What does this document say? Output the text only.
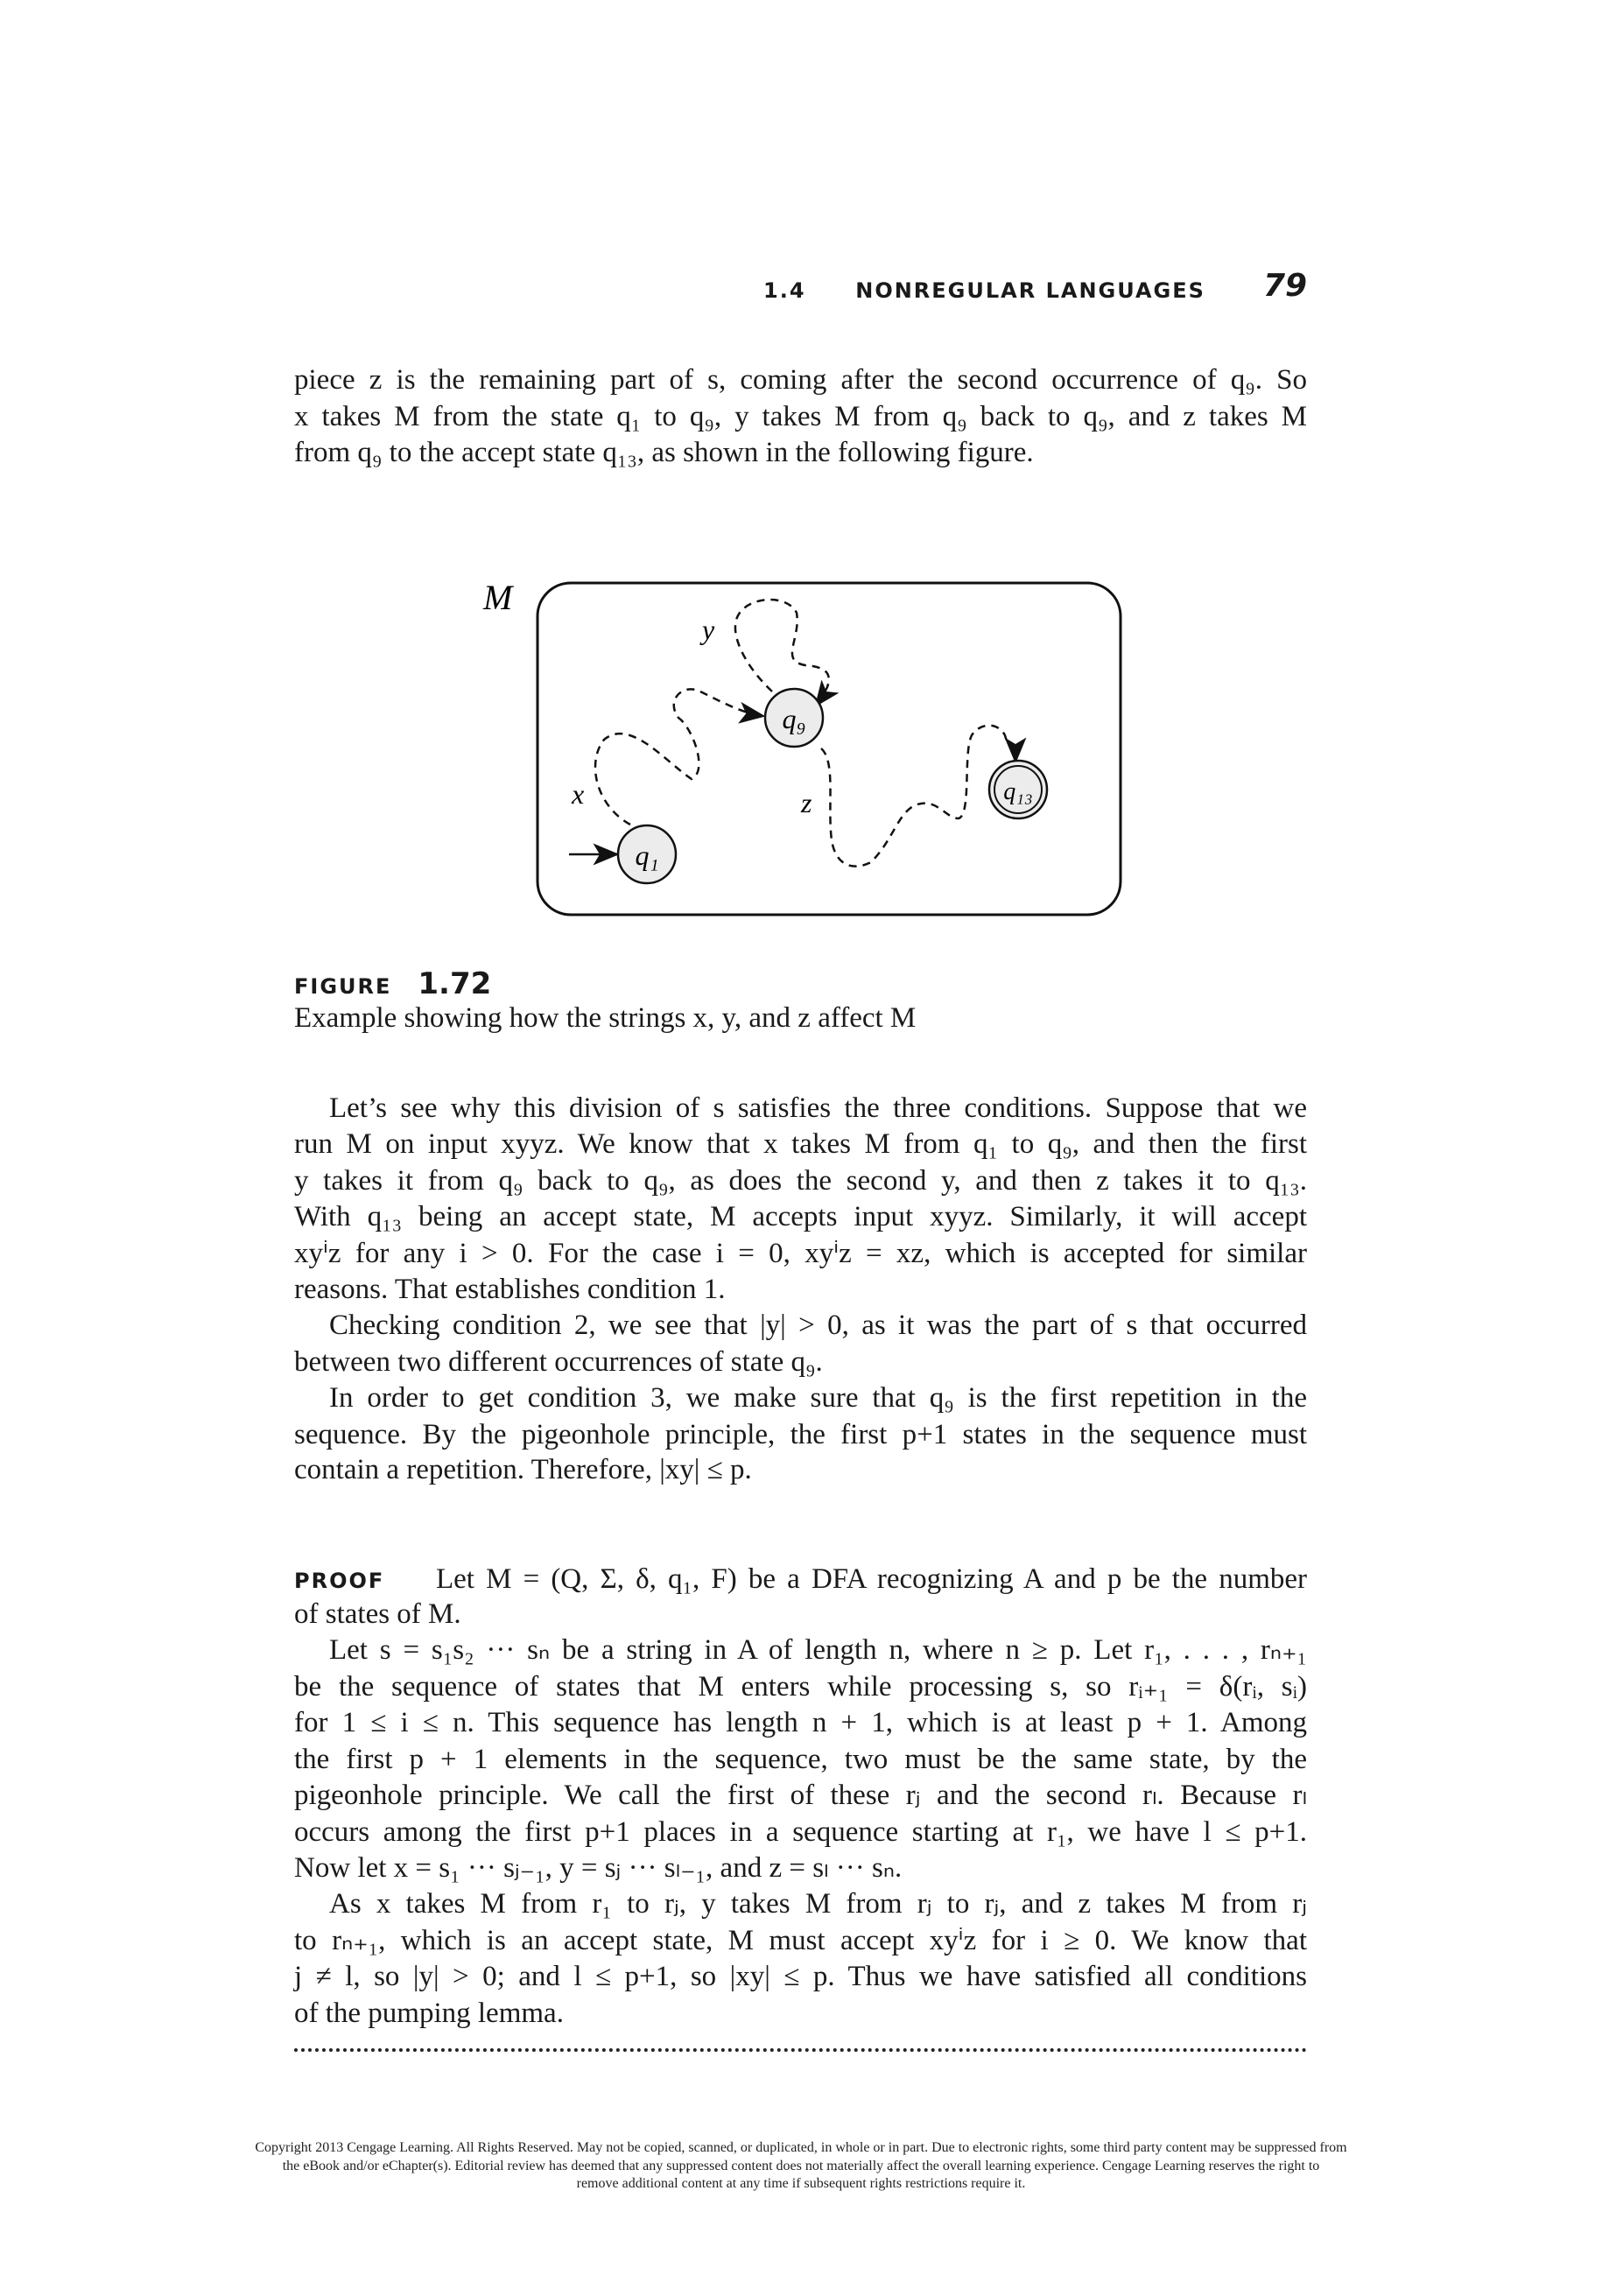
1.4 NONREGULAR LANGUAGES 79
piece z is the remaining part of s, coming after the second occurrence of q₉. So
x takes M from the state q₁ to q₉, y takes M from q₉ back to q₉, and z takes M
from q₉ to the accept state q₁₃, as shown in the following figure.
M
q₁
q₉
q₁₃
x
y
z
FIGURE 1.72
Example showing how the strings x, y, and z affect M
Let’s see why this division of s satisfies the three conditions. Suppose that we
run M on input xyyz. We know that x takes M from q₁ to q₉, and then the first
y takes it from q₉ back to q₉, as does the second y, and then z takes it to q₁₃.
With q₁₃ being an accept state, M accepts input xyyz. Similarly, it will accept
xyⁱz for any i > 0. For the case i = 0, xyⁱz = xz, which is accepted for similar
reasons. That establishes condition 1.
Checking condition 2, we see that |y| > 0, as it was the part of s that occurred
between two different occurrences of state q₉.
In order to get condition 3, we make sure that q₉ is the first repetition in the
sequence. By the pigeonhole principle, the first p+1 states in the sequence must
contain a repetition. Therefore, |xy| ≤ p.
PROOF Let M = (Q, Σ, δ, q₁, F) be a DFA recognizing A and p be the number
of states of M.
Let s = s₁s₂ ··· sₙ be a string in A of length n, where n ≥ p. Let r₁, . . . , rₙ₊₁
be the sequence of states that M enters while processing s, so rᵢ₊₁ = δ(rᵢ, sᵢ)
for 1 ≤ i ≤ n. This sequence has length n + 1, which is at least p + 1. Among
the first p + 1 elements in the sequence, two must be the same state, by the
pigeonhole principle. We call the first of these rⱼ and the second rₗ. Because rₗ
occurs among the first p+1 places in a sequence starting at r₁, we have l ≤ p+1.
Now let x = s₁ ··· sⱼ₋₁, y = sⱼ ··· sₗ₋₁, and z = sₗ ··· sₙ.
As x takes M from r₁ to rⱼ, y takes M from rⱼ to rⱼ, and z takes M from rⱼ
to rₙ₊₁, which is an accept state, M must accept xyⁱz for i ≥ 0. We know that
j ≠ l, so |y| > 0; and l ≤ p+1, so |xy| ≤ p. Thus we have satisfied all conditions
of the pumping lemma.
Copyright 2013 Cengage Learning. All Rights Reserved. May not be copied, scanned, or duplicated, in whole or in part. Due to electronic rights, some third party content may be suppressed from
the eBook and/or eChapter(s). Editorial review has deemed that any suppressed content does not materially affect the overall learning experience. Cengage Learning reserves the right to
remove additional content at any time if subsequent rights restrictions require it.
